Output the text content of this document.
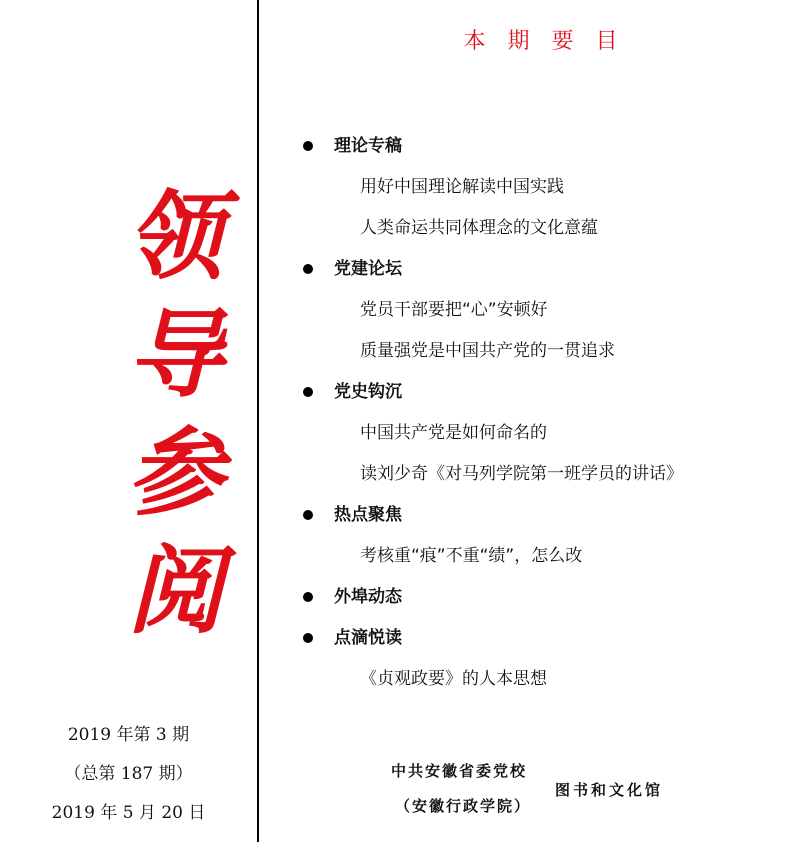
领
导
参
阅
2019 年第 3 期
（总第 187 期）
2019 年 5 月 20 日
本期要目
理论专稿
用好中国理论解读中国实践
人类命运共同体理念的文化意蕴
党建论坛
党员干部要把“心”安顿好
质量强党是中国共产党的一贯追求
党史钩沉
中国共产党是如何命名的
读刘少奇《对马列学院第一班学员的讲话》
热点聚焦
考核重“痕”不重“绩”，怎么改
外埠动态
点滴悦读
《贞观政要》的人本思想
中共安徽省委党校
（安徽行政学院）
图书和文化馆
